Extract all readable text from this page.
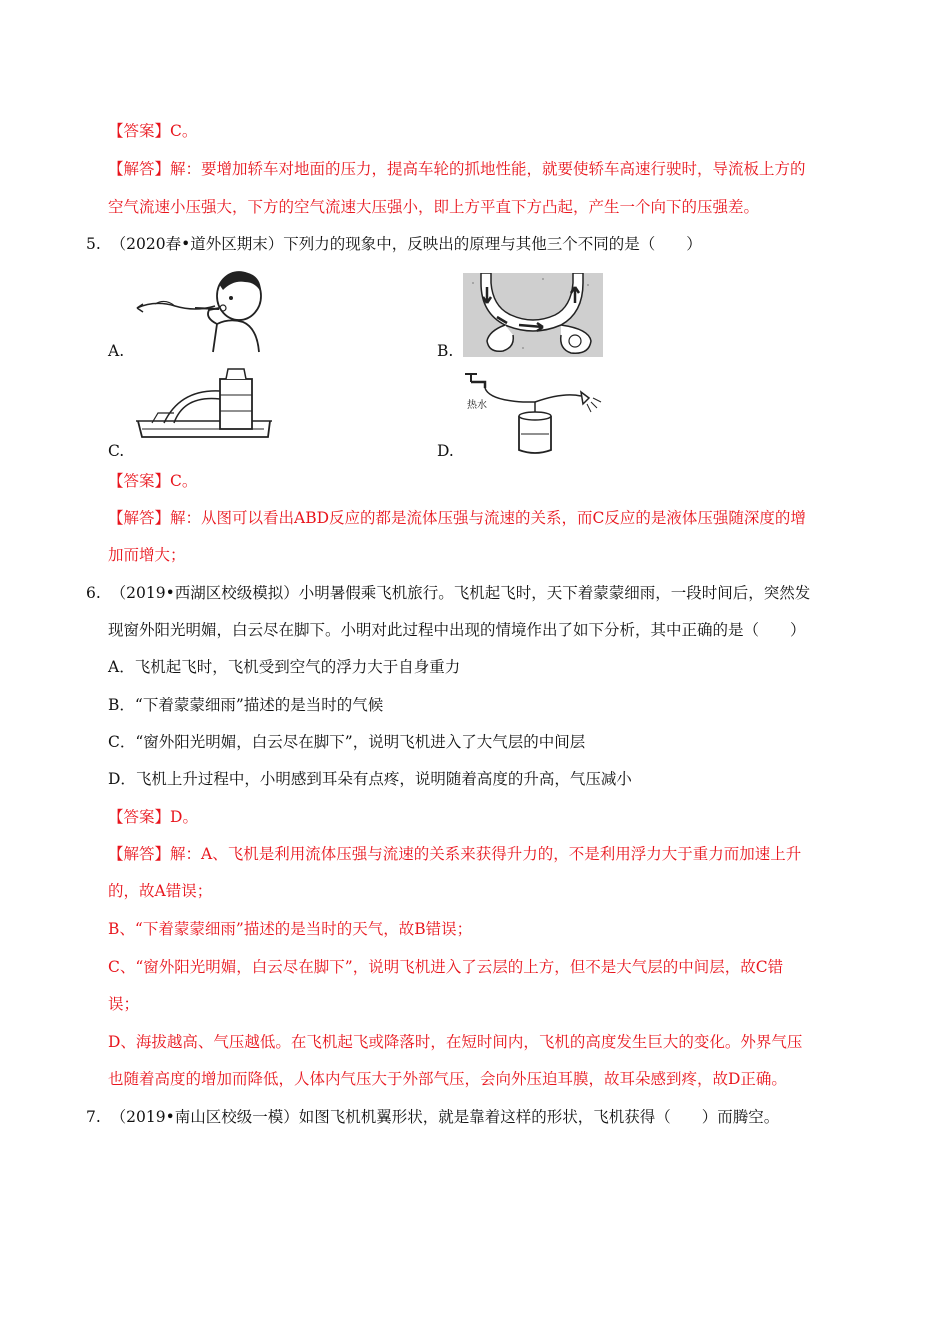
【答案】C。
【解答】解：要增加轿车对地面的压力，提高车轮的抓地性能，就要使轿车高速行驶时，导流板上方的
空气流速小压强大，下方的空气流速大压强小，即上方平直下方凸起，产生一个向下的压强差。
5. （2020春•道外区期末）下列力的现象中，反映出的原理与其他三个不同的是（　　）
A.	B.
C.
热水
D.
【答案】C。
【解答】解：从图可以看出ABD反应的都是流体压强与流速的关系，而C反应的是液体压强随深度的增
加而增大；
6. （2019•西湖区校级模拟）小明暑假乘飞机旅行。飞机起飞时，天下着蒙蒙细雨，一段时间后，突然发
现窗外阳光明媚，白云尽在脚下。小明对此过程中出现的情境作出了如下分析，其中正确的是（　　）
A．飞机起飞时，飞机受到空气的浮力大于自身重力
B．“下着蒙蒙细雨”描述的是当时的气候
C．“窗外阳光明媚，白云尽在脚下”，说明飞机进入了大气层的中间层
D．飞机上升过程中，小明感到耳朵有点疼，说明随着高度的升高，气压减小
【答案】D。
【解答】解：A、飞机是利用流体压强与流速的关系来获得升力的，不是利用浮力大于重力而加速上升
的，故A错误；
B、“下着蒙蒙细雨”描述的是当时的天气，故B错误；
C、“窗外阳光明媚，白云尽在脚下”，说明飞机进入了云层的上方，但不是大气层的中间层，故C错
误；
D、海拔越高、气压越低。在飞机起飞或降落时，在短时间内，飞机的高度发生巨大的变化。外界气压
也随着高度的增加而降低，人体内气压大于外部气压，会向外压迫耳膜，故耳朵感到疼，故D正确。
7. （2019•南山区校级一模）如图飞机机翼形状，就是靠着这样的形状，飞机获得（　　）而腾空。
